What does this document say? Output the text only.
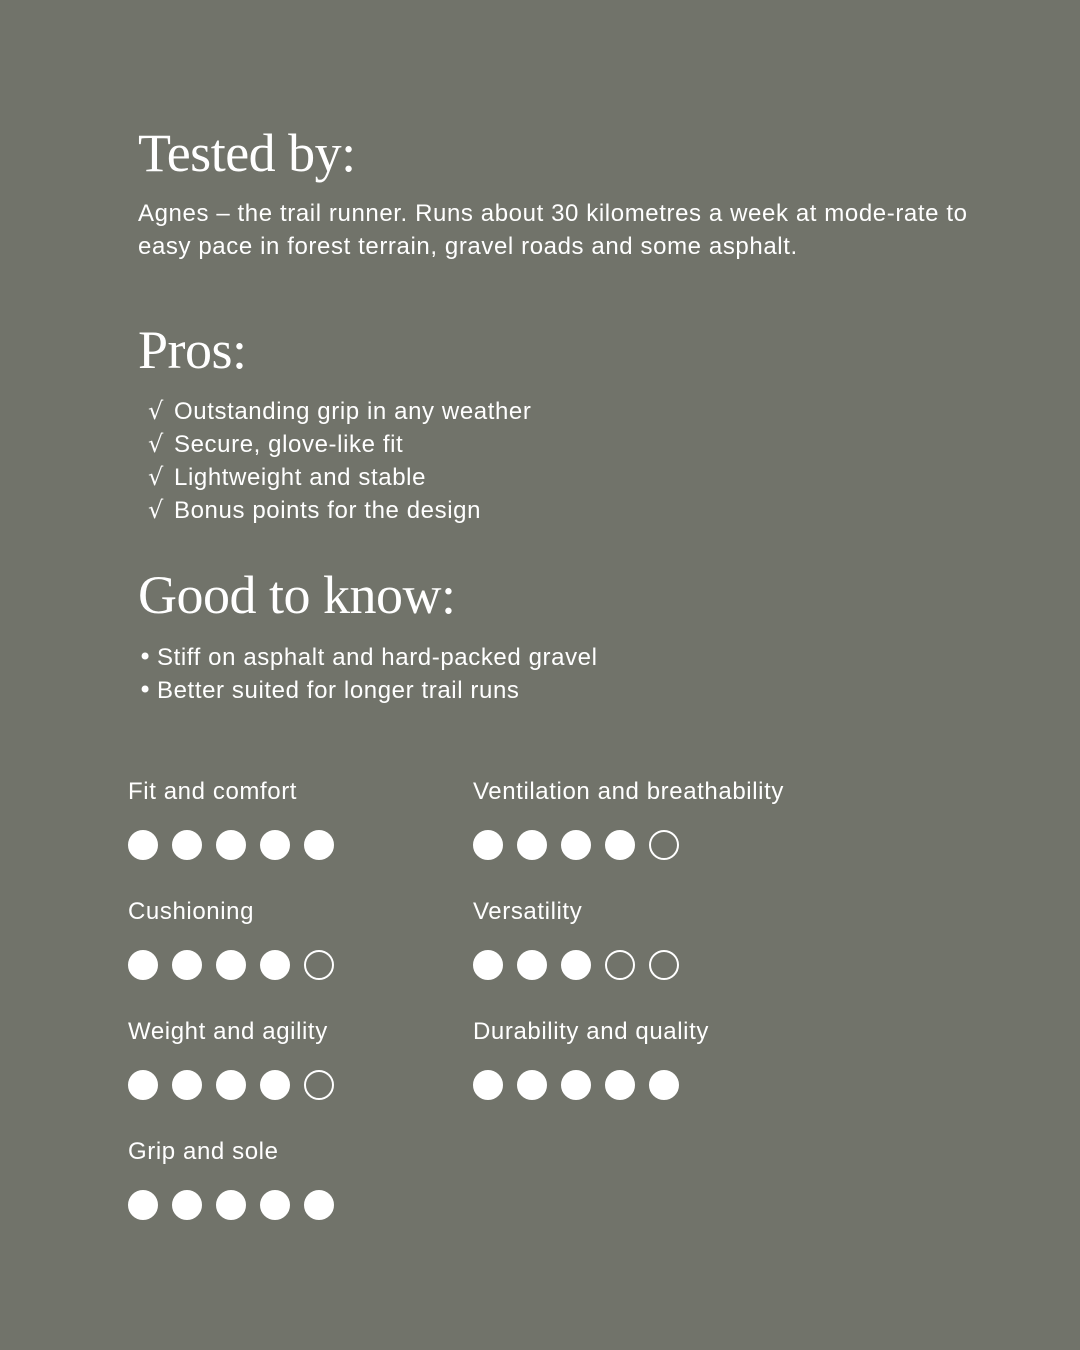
Tested by:

Agnes – the trail runner. Runs about 30 kilometres a week at mode-rate to easy pace in forest terrain, gravel roads and some asphalt.

Pros:
√ Outstanding grip in any weather
√ Secure, glove-like fit
√ Lightweight and stable
√ Bonus points for the design
Good to know:
• Stiff on asphalt and hard-packed gravel
• Better suited for longer trail runs

Fit and comfort	Ventilation and breathability

Cushioning	Versatility

Weight and agility	Durability and quality

Grip and sole
